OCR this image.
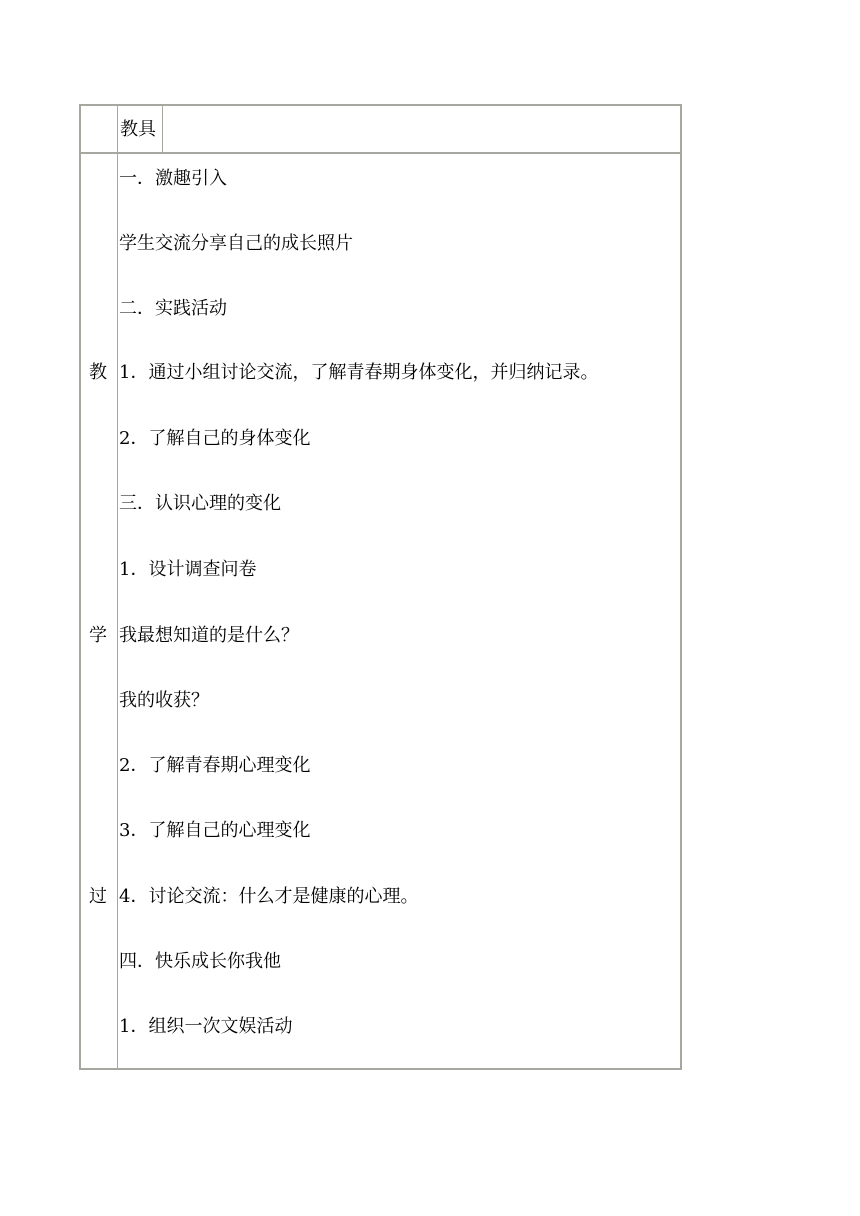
教具
教
学
过
一．激趣引入
学生交流分享自己的成长照片
二．实践活动
1．通过小组讨论交流，了解青春期身体变化，并归纳记录。
2．了解自己的身体变化
三．认识心理的变化
1．设计调查问卷
我最想知道的是什么？
我的收获？
2．了解青春期心理变化
3．了解自己的心理变化
4．讨论交流：什么才是健康的心理。
四．快乐成长你我他
1．组织一次文娱活动
